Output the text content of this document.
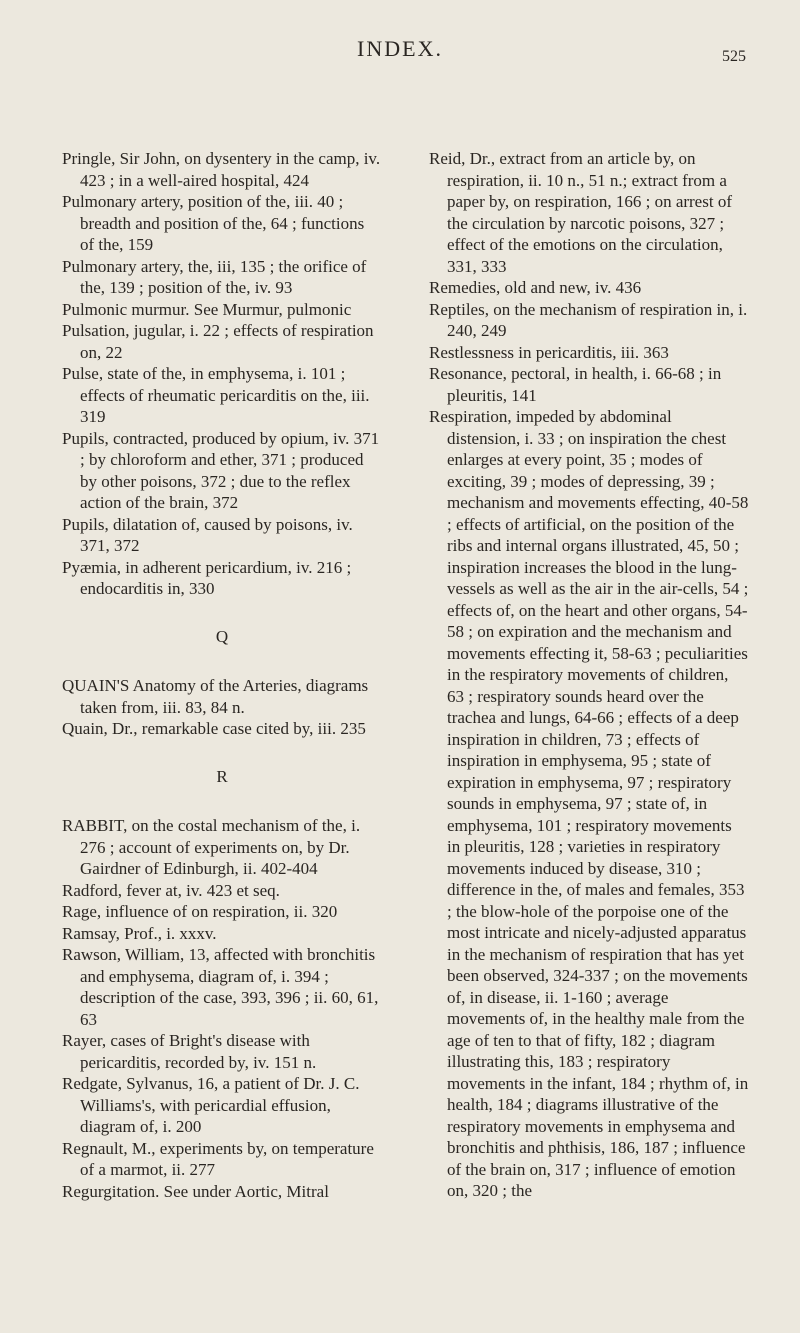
INDEX.	525

Pringle, Sir John, on dysentery in the camp, iv. 423 ; in a well-aired hospital, 424

Pulmonary artery, position of the, iii. 40 ; breadth and position of the, 64 ; functions of the, 159

Pulmonary artery, the, iii, 135 ; the orifice of the, 139 ; position of the, iv. 93

Pulmonic murmur. See Murmur, pulmonic

Pulsation, jugular, i. 22 ; effects of respiration on, 22

Pulse, state of the, in emphysema, i. 101 ; effects of rheumatic pericarditis on the, iii. 319

Pupils, contracted, produced by opium, iv. 371 ; by chloroform and ether, 371 ; produced by other poisons, 372 ; due to the reflex action of the brain, 372

Pupils, dilatation of, caused by poisons, iv. 371, 372

Pyæmia, in adherent pericardium, iv. 216 ; endocarditis in, 330

Q

QUAIN'S Anatomy of the Arteries, diagrams taken from, iii. 83, 84 n.

Quain, Dr., remarkable case cited by, iii. 235

R

RABBIT, on the costal mechanism of the, i. 276 ; account of experiments on, by Dr. Gairdner of Edinburgh, ii. 402-404

Radford, fever at, iv. 423 et seq.

Rage, influence of on respiration, ii. 320

Ramsay, Prof., i. xxxv.

Rawson, William, 13, affected with bronchitis and emphysema, diagram of, i. 394 ; description of the case, 393, 396 ; ii. 60, 61, 63

Rayer, cases of Bright's disease with pericarditis, recorded by, iv. 151 n.

Redgate, Sylvanus, 16, a patient of Dr. J. C. Williams's, with pericardial effusion, diagram of, i. 200

Regnault, M., experiments by, on temperature of a marmot, ii. 277

Regurgitation. See under Aortic, Mitral

Reid, Dr., extract from an article by, on respiration, ii. 10 n., 51 n.; extract from a paper by, on respiration, 166 ; on arrest of the circulation by narcotic poisons, 327 ; effect of the emotions on the circulation, 331, 333

Remedies, old and new, iv. 436

Reptiles, on the mechanism of respiration in, i. 240, 249

Restlessness in pericarditis, iii. 363

Resonance, pectoral, in health, i. 66-68 ; in pleuritis, 141

Respiration, impeded by abdominal distension, i. 33 ; on inspiration the chest enlarges at every point, 35 ; modes of exciting, 39 ; modes of depressing, 39 ; mechanism and movements effecting, 40-58 ; effects of artificial, on the position of the ribs and internal organs illustrated, 45, 50 ; inspiration increases the blood in the lung-vessels as well as the air in the air-cells, 54 ; effects of, on the heart and other organs, 54-58 ; on expiration and the mechanism and movements effecting it, 58-63 ; peculiarities in the respiratory movements of children, 63 ; respiratory sounds heard over the trachea and lungs, 64-66 ; effects of a deep inspiration in children, 73 ; effects of inspiration in emphysema, 95 ; state of expiration in emphysema, 97 ; respiratory sounds in emphysema, 97 ; state of, in emphysema, 101 ; respiratory movements in pleuritis, 128 ; varieties in respiratory movements induced by disease, 310 ; difference in the, of males and females, 353 ; the blow-hole of the porpoise one of the most intricate and nicely-adjusted apparatus in the mechanism of respiration that has yet been observed, 324-337 ; on the movements of, in disease, ii. 1-160 ; average movements of, in the healthy male from the age of ten to that of fifty, 182 ; diagram illustrating this, 183 ; respiratory movements in the infant, 184 ; rhythm of, in health, 184 ; diagrams illustrative of the respiratory movements in emphysema and bronchitis and phthisis, 186, 187 ; influence of the brain on, 317 ; influence of emotion on, 320 ; the
